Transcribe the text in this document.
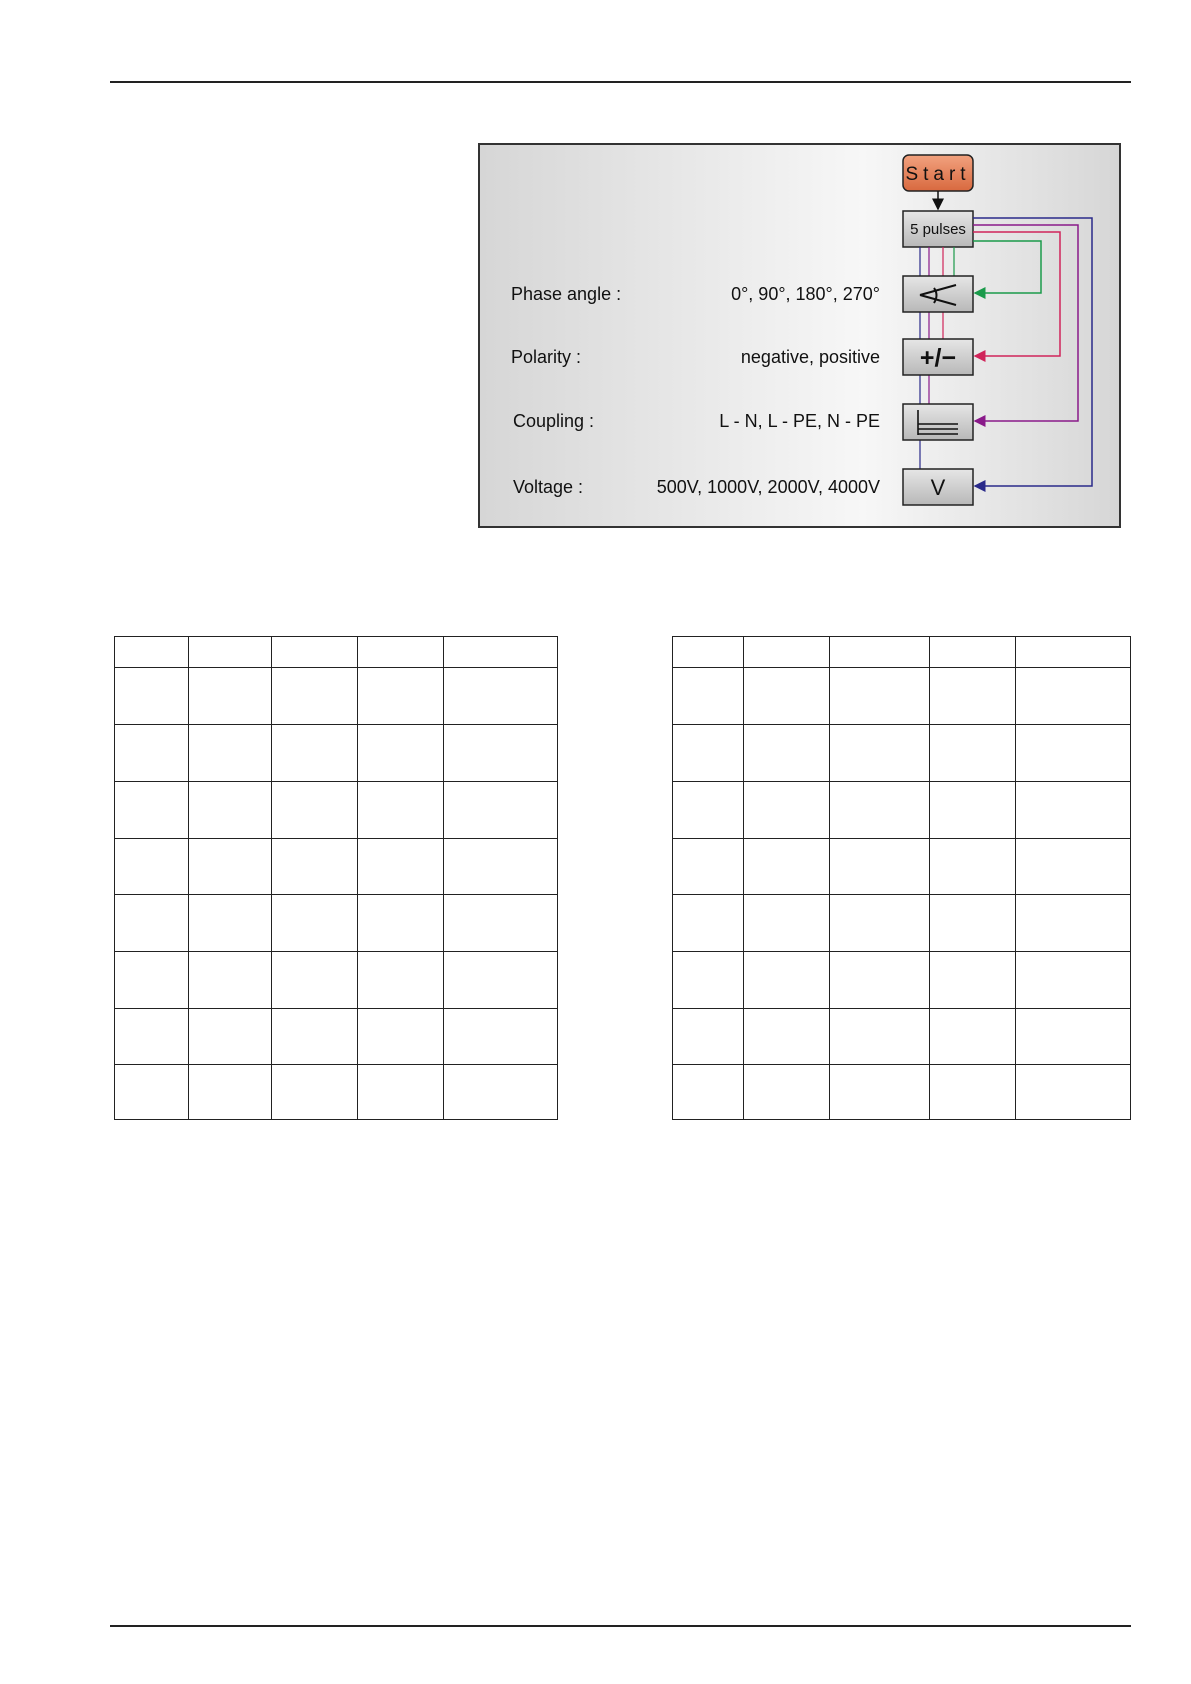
Start
5 pulses
+/−
V
Phase angle :	0°, 90°, 180°, 270°
Polarity :	negative, positive
Coupling :	L - N, L - PE, N - PE
Voltage :	500V, 1000V, 2000V, 4000V
